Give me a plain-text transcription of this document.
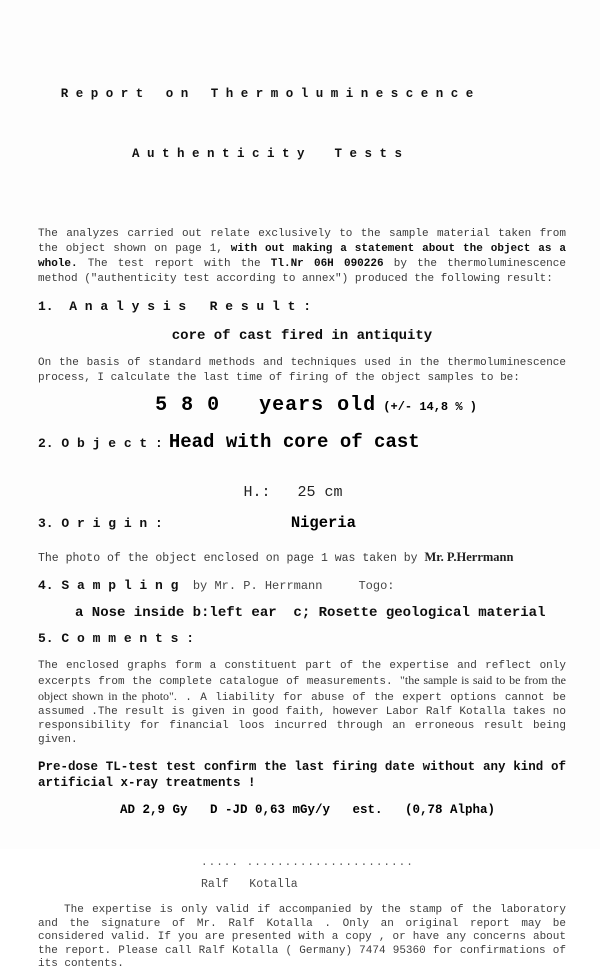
R e p o r t   o n   T h e r m o l u m i n e s c e n c e

A u t h e n t i c i t y    T e s t s

The analyzes carried out relate exclusively to the sample material taken from the object shown on page 1, with out making a statement about the object as a whole. The test report with the Tl.Nr 06H 090226 by the thermoluminescence method ("authenticity test according to annex") produced the following result:

1.  A n a l y s i s   R e s u l t :
core of cast fired in antiquity

On the basis of standard methods and techniques used in the thermoluminescence process, I calculate the last time of firing of the object samples to be:

5 8 0   years old (+/- 14,8 % )
2. O b j e c t : Head with core of cast
H.:   25 cm
3. O r i g i n :	Nigeria

The photo of the object enclosed on page 1 was taken by Mr. P.Herrmann

4. S a m p l i n g by Mr. P. Herrmann     Togo:
a Nose inside b:left ear  c; Rosette geological material
5. C o m m e n t s :

The enclosed graphs form a constituent part of the expertise and reflect only excerpts from the complete catalogue of measurements. "the sample is said to be from the object shown in the photo". . A liability for abuse of the expert options cannot be assumed .The result is given in good faith, however Labor Ralf Kotalla takes no responsibility for financial loos incurred through an erroneous result being given.

Pre-dose TL-test test confirm the last firing date without any kind of artificial x-ray treatments !

AD 2,9 Gy   D -JD 0,63 mGy/y   est.   (0,78 Alpha)
..... ......................
Ralf   Kotalla

The expertise is only valid if accompanied by the stamp of the laboratory and the signature of Mr. Ralf Kotalla . Only an original report may be considered valid. If you are presented with a copy , or have any concerns about the report. Please call Ralf Kotalla ( Germany) 7474 95360 for confirmations of its contents.
